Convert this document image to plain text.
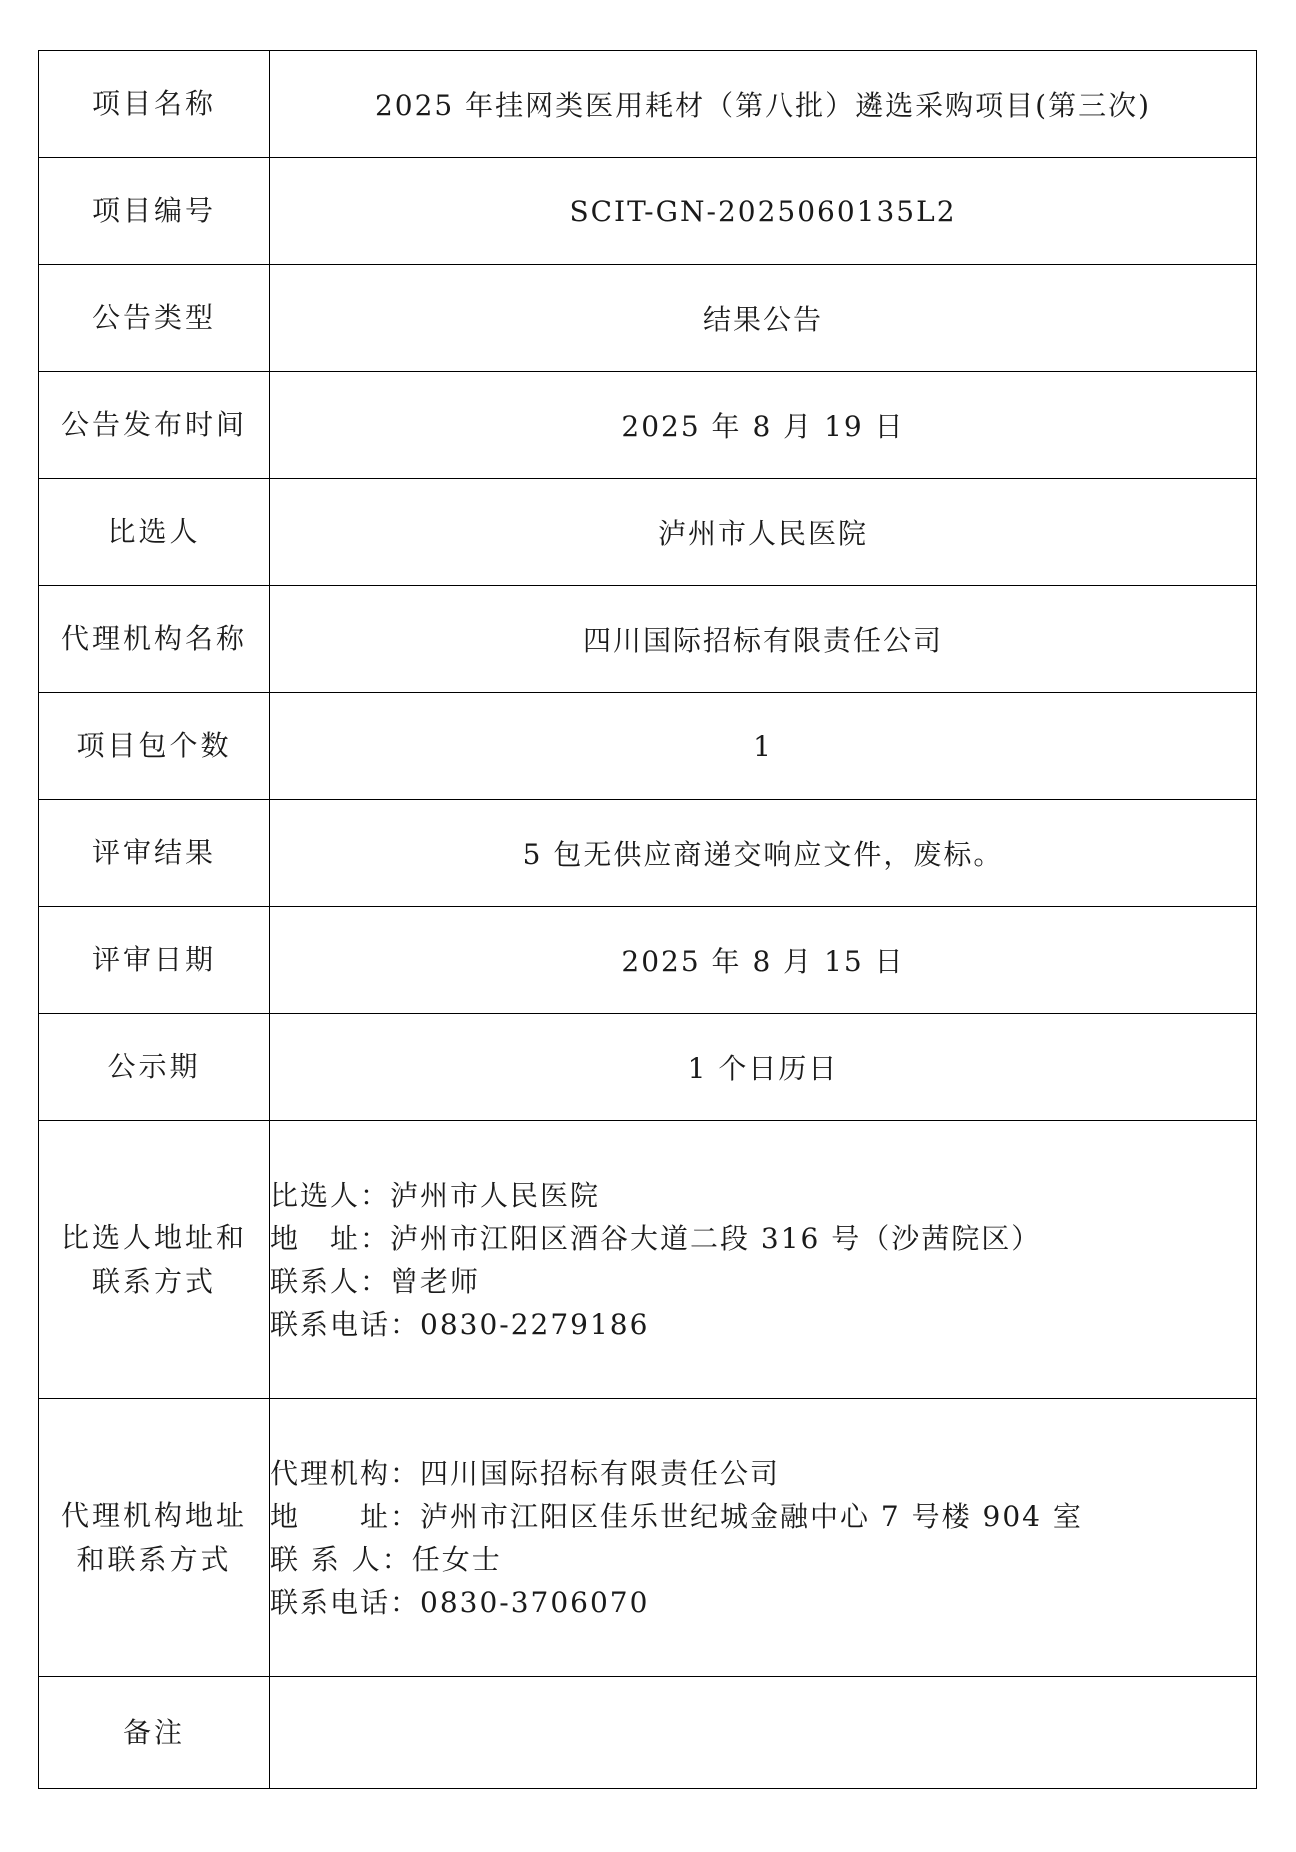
项目名称	2025 年挂网类医用耗材（第八批）遴选采购项目(第三次)
项目编号	SCIT-GN-2025060135L2
公告类型	结果公告
公告发布时间	2025 年 8 月 19 日
比选人	泸州市人民医院
代理机构名称	四川国际招标有限责任公司
项目包个数	1
评审结果	5 包无供应商递交响应文件，废标。
评审日期	2025 年 8 月 15 日
公示期	1 个日历日

比选人地址和
联系方式	比选人：泸州市人民医院
地　址：泸州市江阳区酒谷大道二段 316 号（沙茜院区）
联系人：曾老师
联系电话：0830-2279186

代理机构地址
和联系方式	代理机构：四川国际招标有限责任公司
地　　址：泸州市江阳区佳乐世纪城金融中心 7 号楼 904 室
联 系 人：任女士
联系电话：0830-3706070

备注	
